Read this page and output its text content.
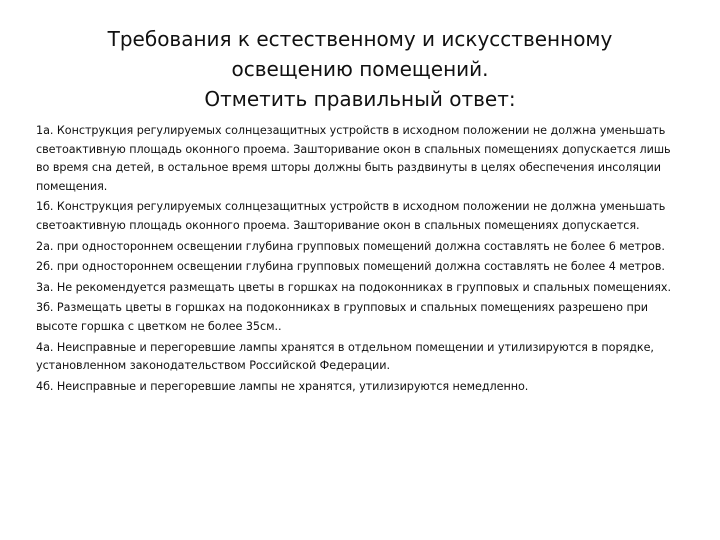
Требования к естественному и искусственному
освещению помещений.
Отметить правильный ответ:
1а. Конструкция регулируемых солнцезащитных устройств в исходном положении не должна уменьшать светоактивную площадь оконного проема. Зашторивание окон в спальных помещениях допускается лишь во время сна детей, в остальное время шторы должны быть раздвинуты в целях обеспечения инсоляции помещения.
1б. Конструкция регулируемых солнцезащитных устройств в исходном положении не должна уменьшать светоактивную площадь оконного проема. Зашторивание окон в спальных помещениях допускается.
2а. при одностороннем освещении глубина групповых помещений должна составлять не более 6 метров.
2б. при одностороннем освещении глубина групповых помещений должна составлять не более 4 метров.
3а. Не рекомендуется размещать цветы в горшках на подоконниках в групповых и спальных помещениях.
3б. Размещать цветы в горшках на подоконниках в групповых и спальных помещениях разрешено при высоте горшка с цветком не более 35см..
4а. Неисправные и перегоревшие лампы хранятся в отдельном помещении и утилизируются в порядке, установленном законодательством Российской Федерации.
4б. Неисправные и перегоревшие лампы не хранятся, утилизируются немедленно.
